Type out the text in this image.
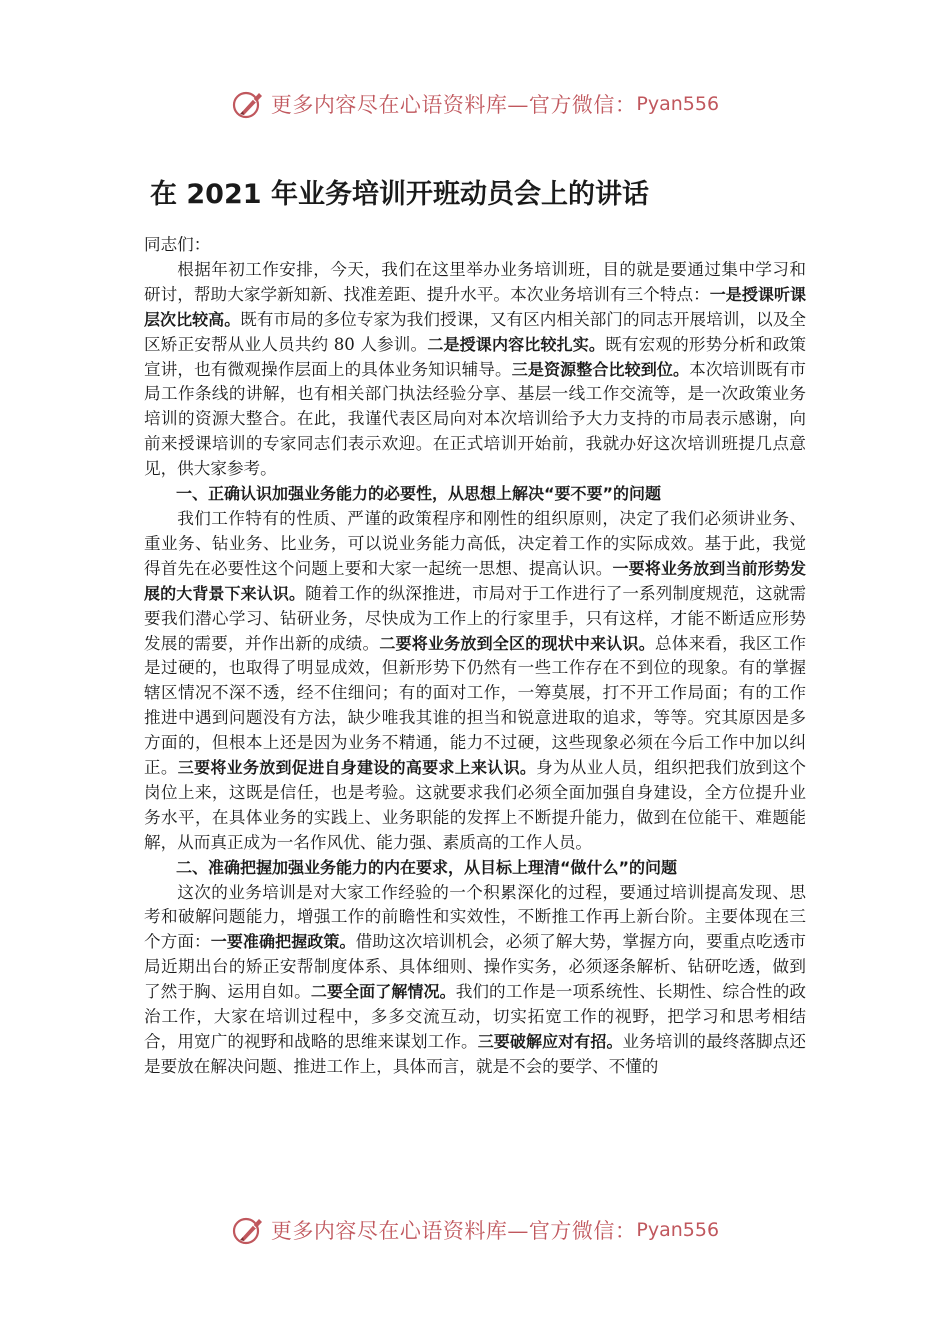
更多内容尽在心语资料库—官方微信： Pyan556
在 2021 年业务培训开班动员会上的讲话

同志们：

根据年初工作安排，今天，我们在这里举办业务培训班，目的就是要通过集中学习和研讨，帮助大家学新知新、找准差距、提升水平。本次业务培训有三个特点：一是授课听课层次比较高。既有市局的多位专家为我们授课，又有区内相关部门的同志开展培训，以及全区矫正安帮从业人员共约 80 人参训。二是授课内容比较扎实。既有宏观的形势分析和政策宣讲，也有微观操作层面上的具体业务知识辅导。三是资源整合比较到位。本次培训既有市局工作条线的讲解，也有相关部门执法经验分享、基层一线工作交流等，是一次政策业务培训的资源大整合。在此，我谨代表区局向对本次培训给予大力支持的市局表示感谢，向前来授课培训的专家同志们表示欢迎。在正式培训开始前，我就办好这次培训班提几点意见，供大家参考。

一、正确认识加强业务能力的必要性，从思想上解决“要不要”的问题

我们工作特有的性质、严谨的政策程序和刚性的组织原则，决定了我们必须讲业务、重业务、钻业务、比业务，可以说业务能力高低，决定着工作的实际成效。基于此，我觉得首先在必要性这个问题上要和大家一起统一思想、提高认识。一要将业务放到当前形势发展的大背景下来认识。随着工作的纵深推进，市局对于工作进行了一系列制度规范，这就需要我们潜心学习、钻研业务，尽快成为工作上的行家里手，只有这样，才能不断适应形势发展的需要，并作出新的成绩。二要将业务放到全区的现状中来认识。总体来看，我区工作是过硬的，也取得了明显成效，但新形势下仍然有一些工作存在不到位的现象。有的掌握辖区情况不深不透，经不住细问；有的面对工作，一筹莫展，打不开工作局面；有的工作推进中遇到问题没有方法，缺少唯我其谁的担当和锐意进取的追求，等等。究其原因是多方面的，但根本上还是因为业务不精通，能力不过硬，这些现象必须在今后工作中加以纠正。三要将业务放到促进自身建设的高要求上来认识。身为从业人员，组织把我们放到这个岗位上来，这既是信任，也是考验。这就要求我们必须全面加强自身建设，全方位提升业务水平，在具体业务的实践上、业务职能的发挥上不断提升能力，做到在位能干、难题能解，从而真正成为一名作风优、能力强、素质高的工作人员。

二、准确把握加强业务能力的内在要求，从目标上理清“做什么”的问题

这次的业务培训是对大家工作经验的一个积累深化的过程，要通过培训提高发现、思考和破解问题能力，增强工作的前瞻性和实效性，不断推工作再上新台阶。主要体现在三个方面：一要准确把握政策。借助这次培训机会，必须了解大势，掌握方向，要重点吃透市局近期出台的矫正安帮制度体系、具体细则、操作实务，必须逐条解析、钻研吃透，做到了然于胸、运用自如。二要全面了解情况。我们的工作是一项系统性、长期性、综合性的政治工作，大家在培训过程中，多多交流互动，切实拓宽工作的视野，把学习和思考相结合，用宽广的视野和战略的思维来谋划工作。三要破解应对有招。业务培训的最终落脚点还是要放在解决问题、推进工作上，具体而言，就是不会的要学、不懂的

更多内容尽在心语资料库—官方微信： Pyan556
